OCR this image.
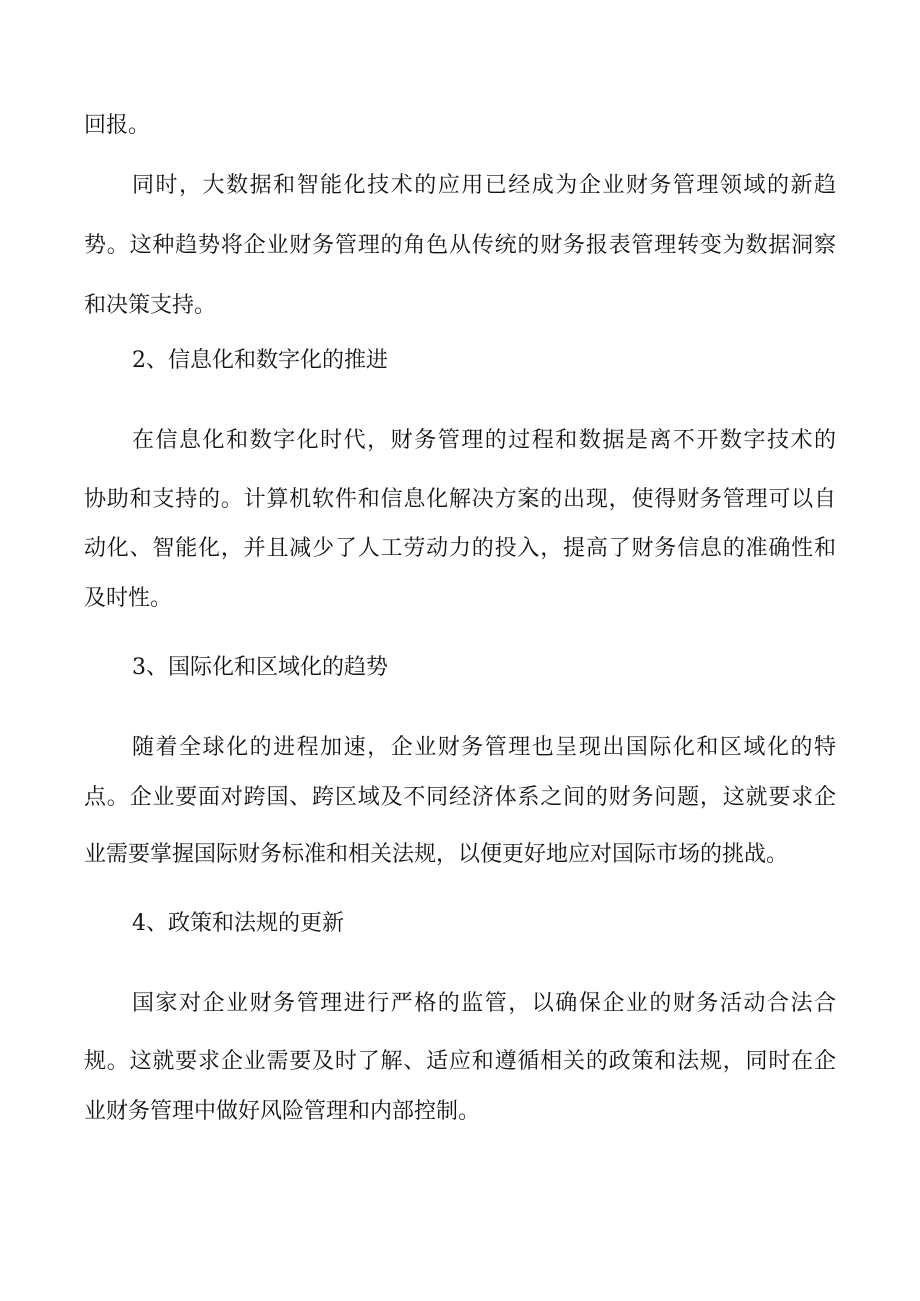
回报。
同时，大数据和智能化技术的应用已经成为企业财务管理领域的新趋
势。这种趋势将企业财务管理的角色从传统的财务报表管理转变为数据洞察
和决策支持。
2、信息化和数字化的推进
在信息化和数字化时代，财务管理的过程和数据是离不开数字技术的
协助和支持的。计算机软件和信息化解决方案的出现，使得财务管理可以自
动化、智能化，并且减少了人工劳动力的投入，提高了财务信息的准确性和
及时性。
3、国际化和区域化的趋势
随着全球化的进程加速，企业财务管理也呈现出国际化和区域化的特
点。企业要面对跨国、跨区域及不同经济体系之间的财务问题，这就要求企
业需要掌握国际财务标准和相关法规，以便更好地应对国际市场的挑战。
4、政策和法规的更新
国家对企业财务管理进行严格的监管，以确保企业的财务活动合法合
规。这就要求企业需要及时了解、适应和遵循相关的政策和法规，同时在企
业财务管理中做好风险管理和内部控制。
